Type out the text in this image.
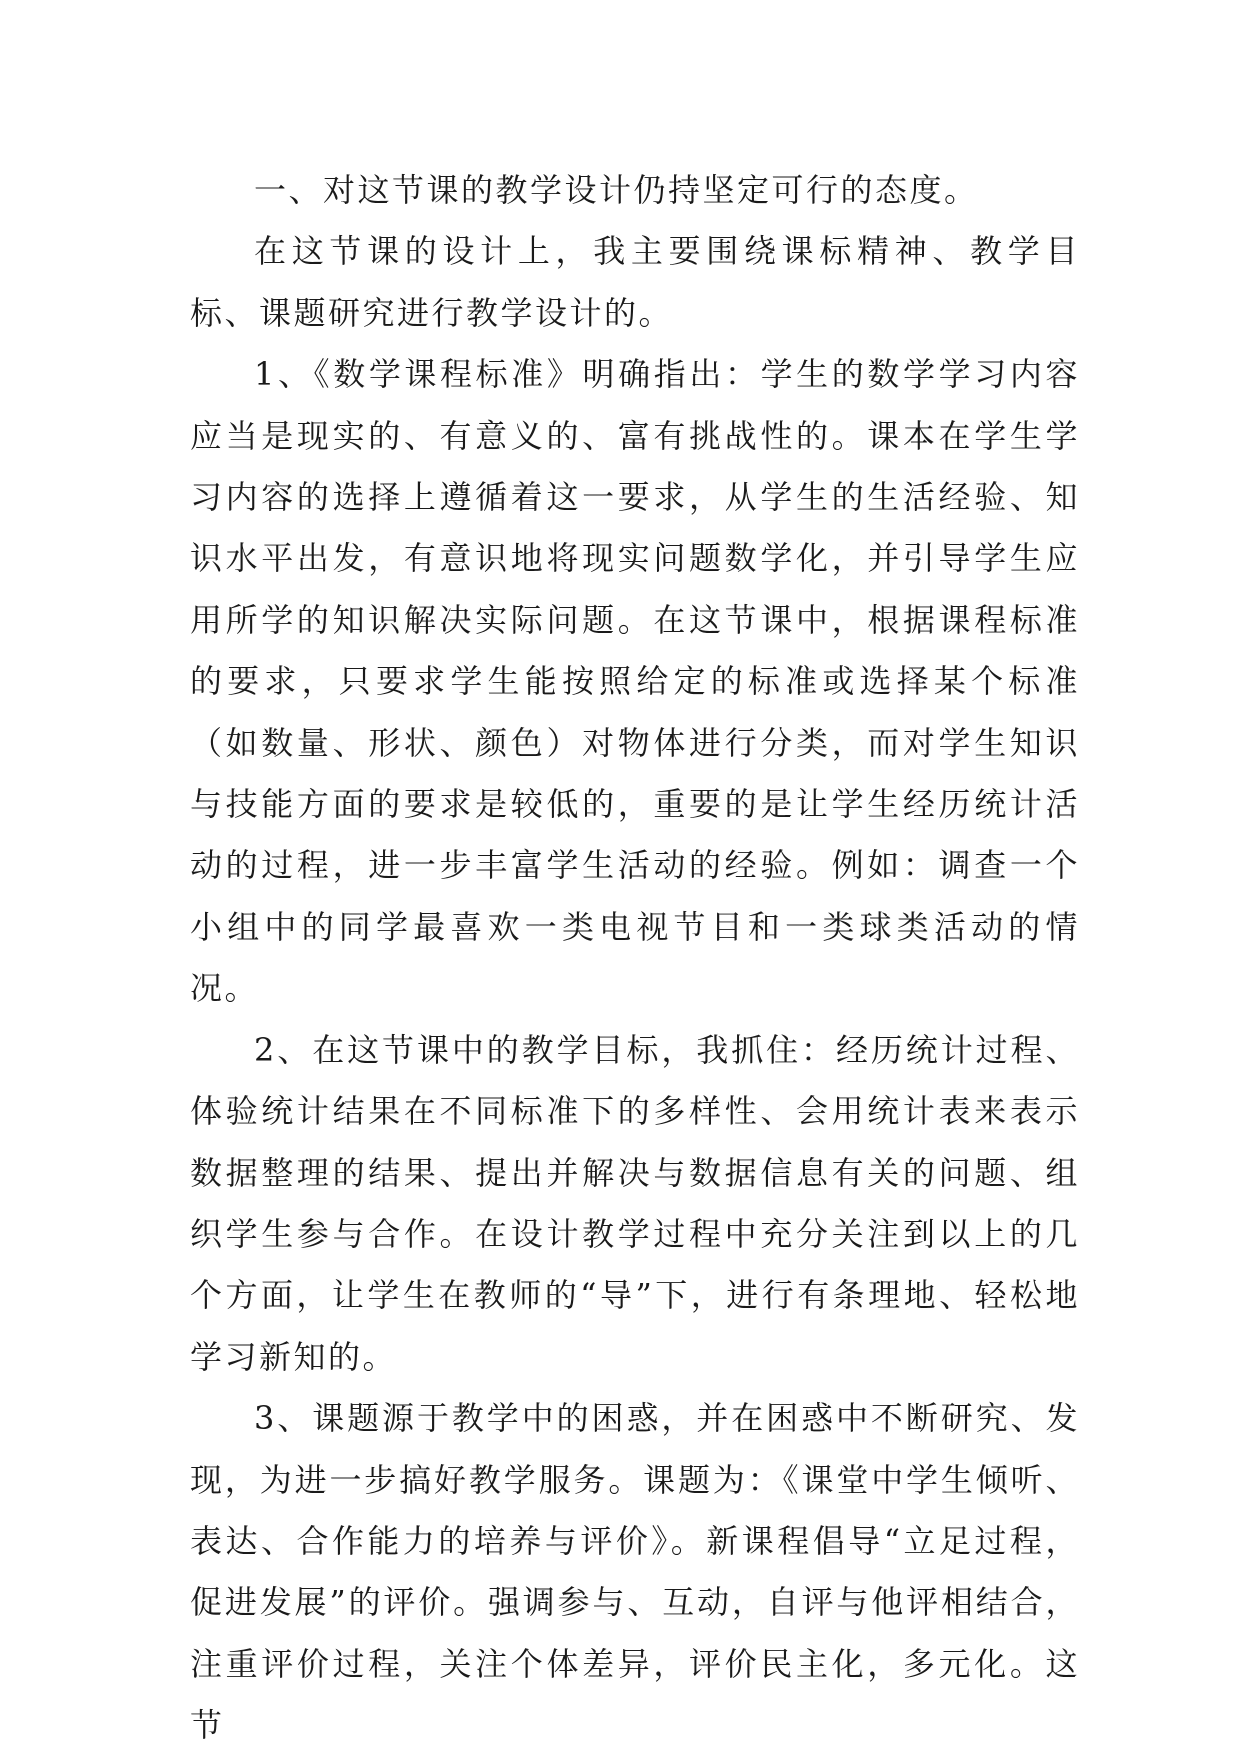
一、对这节课的教学设计仍持坚定可行的态度。

在这节课的设计上，我主要围绕课标精神、教学目标、课题研究进行教学设计的。

1、《数学课程标准》明确指出：学生的数学学习内容应当是现实的、有意义的、富有挑战性的。课本在学生学习内容的选择上遵循着这一要求，从学生的生活经验、知识水平出发，有意识地将现实问题数学化，并引导学生应用所学的知识解决实际问题。在这节课中，根据课程标准的要求，只要求学生能按照给定的标准或选择某个标准（如数量、形状、颜色）对物体进行分类，而对学生知识与技能方面的要求是较低的，重要的是让学生经历统计活动的过程，进一步丰富学生活动的经验。例如：调查一个小组中的同学最喜欢一类电视节目和一类球类活动的情况。

2、在这节课中的教学目标，我抓住：经历统计过程、体验统计结果在不同标准下的多样性、会用统计表来表示数据整理的结果、提出并解决与数据信息有关的问题、组织学生参与合作。在设计教学过程中充分关注到以上的几个方面，让学生在教师的“导”下，进行有条理地、轻松地学习新知的。

3、课题源于教学中的困惑，并在困惑中不断研究、发现，为进一步搞好教学服务。课题为：《课堂中学生倾听、表达、合作能力的培养与评价》。新课程倡导“立足过程，促进发展”的评价。强调参与、互动，自评与他评相结合，注重评价过程，关注个体差异，评价民主化，多元化。这节
